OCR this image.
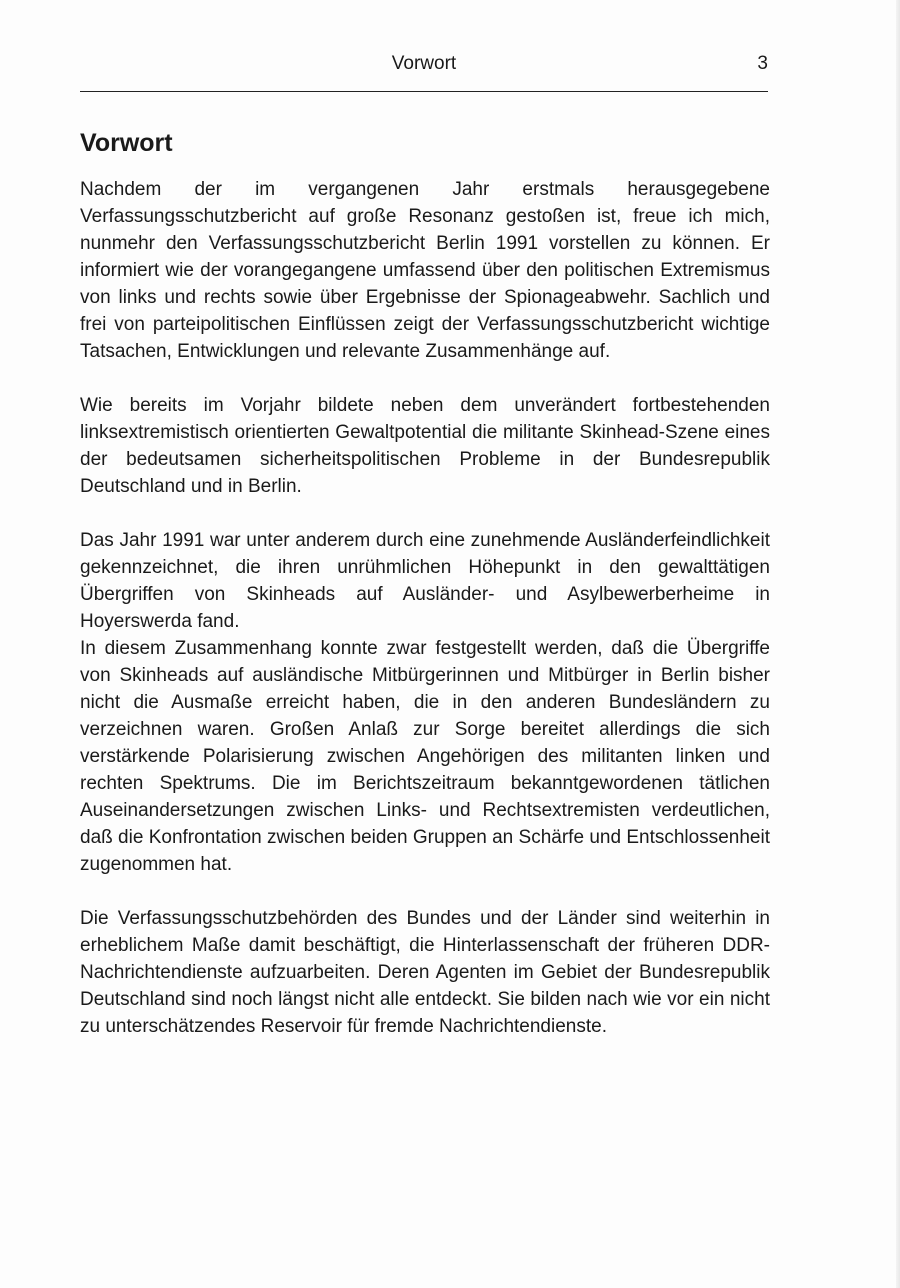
Vorwort	3
Vorwort

Nachdem der im vergangenen Jahr erstmals herausgegebene Verfassungsschutzbericht auf große Resonanz gestoßen ist, freue ich mich, nunmehr den Verfassungsschutzbericht Berlin 1991 vorstellen zu können. Er informiert wie der vorangegangene umfassend über den politischen Extremismus von links und rechts sowie über Ergebnisse der Spionageabwehr. Sachlich und frei von parteipolitischen Einflüssen zeigt der Verfassungsschutzbericht wichtige Tatsachen, Entwicklungen und relevante Zusammenhänge auf.

Wie bereits im Vorjahr bildete neben dem unverändert fortbestehenden linksextremistisch orientierten Gewaltpotential die militante Skinhead-Szene eines der bedeutsamen sicherheitspolitischen Probleme in der Bundesrepublik Deutschland und in Berlin.

Das Jahr 1991 war unter anderem durch eine zunehmende Ausländerfeindlichkeit gekennzeichnet, die ihren unrühmlichen Höhepunkt in den gewalttätigen Übergriffen von Skinheads auf Ausländer- und Asylbewerberheime in Hoyerswerda fand.

In diesem Zusammenhang konnte zwar festgestellt werden, daß die Übergriffe von Skinheads auf ausländische Mitbürgerinnen und Mitbürger in Berlin bisher nicht die Ausmaße erreicht haben, die in den anderen Bundesländern zu verzeichnen waren. Großen Anlaß zur Sorge bereitet allerdings die sich verstärkende Polarisierung zwischen Angehörigen des militanten linken und rechten Spektrums. Die im Berichtszeitraum bekanntgewordenen tätlichen Auseinandersetzungen zwischen Links- und Rechtsextremisten verdeutlichen, daß die Konfrontation zwischen beiden Gruppen an Schärfe und Entschlossenheit zugenommen hat.

Die Verfassungsschutzbehörden des Bundes und der Länder sind weiterhin in erheblichem Maße damit beschäftigt, die Hinterlassenschaft der früheren DDR-Nachrichtendienste aufzuarbeiten. Deren Agenten im Gebiet der Bundesrepublik Deutschland sind noch längst nicht alle entdeckt. Sie bilden nach wie vor ein nicht zu unterschätzendes Reservoir für fremde Nachrichtendienste.
